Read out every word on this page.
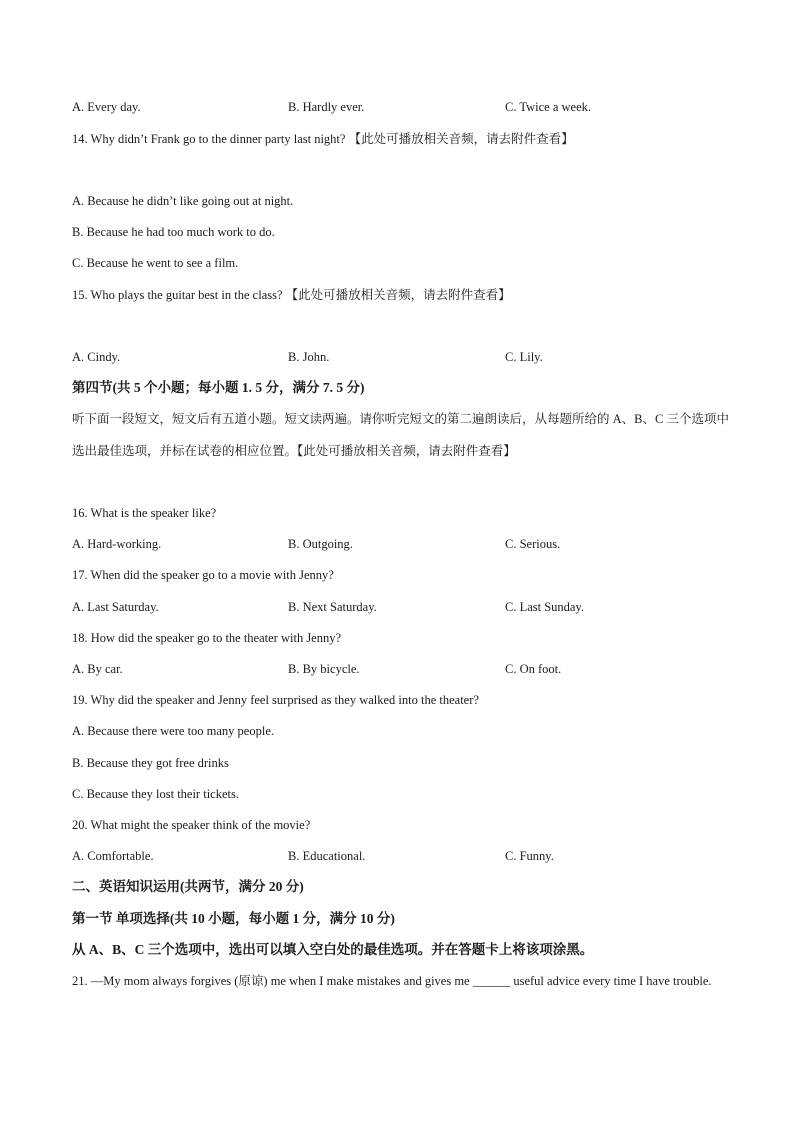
A. Every day.	B. Hardly ever.	C. Twice a week.
14. Why didn’t Frank go to the dinner party last night? 【此处可播放相关音频，请去附件查看】
A. Because he didn’t like going out at night.
B. Because he had too much work to do.
C. Because he went to see a film.
15. Who plays the guitar best in the class? 【此处可播放相关音频，请去附件查看】
A. Cindy.	B. John.	C. Lily.
第四节(共 5 个小题；每小题 1. 5 分，满分 7. 5 分)
听下面一段短文，短文后有五道小题。短文读两遍。请你听完短文的第二遍朗读后，从每题所给的 A、B、C 三个选项中选出最佳选项，并标在试卷的相应位置。【此处可播放相关音频，请去附件查看】
16. What is the speaker like?
A. Hard-working.	B. Outgoing.	C. Serious.
17. When did the speaker go to a movie with Jenny?
A. Last Saturday.	B. Next Saturday.	C. Last Sunday.
18. How did the speaker go to the theater with Jenny?
A. By car.	B. By bicycle.	C. On foot.
19. Why did the speaker and Jenny feel surprised as they walked into the theater?
A. Because there were too many people.
B. Because they got free drinks
C. Because they lost their tickets.
20. What might the speaker think of the movie?
A. Comfortable.	B. Educational.	C. Funny.
二、英语知识运用(共两节，满分 20 分)
第一节 单项选择(共 10 小题，每小题 1 分，满分 10 分)
从 A、B、C 三个选项中，选出可以填入空白处的最佳选项。并在答题卡上将该项涂黑。
21. —My mom always forgives (原谅) me when I make mistakes and gives me ______ useful advice every time I have trouble.
